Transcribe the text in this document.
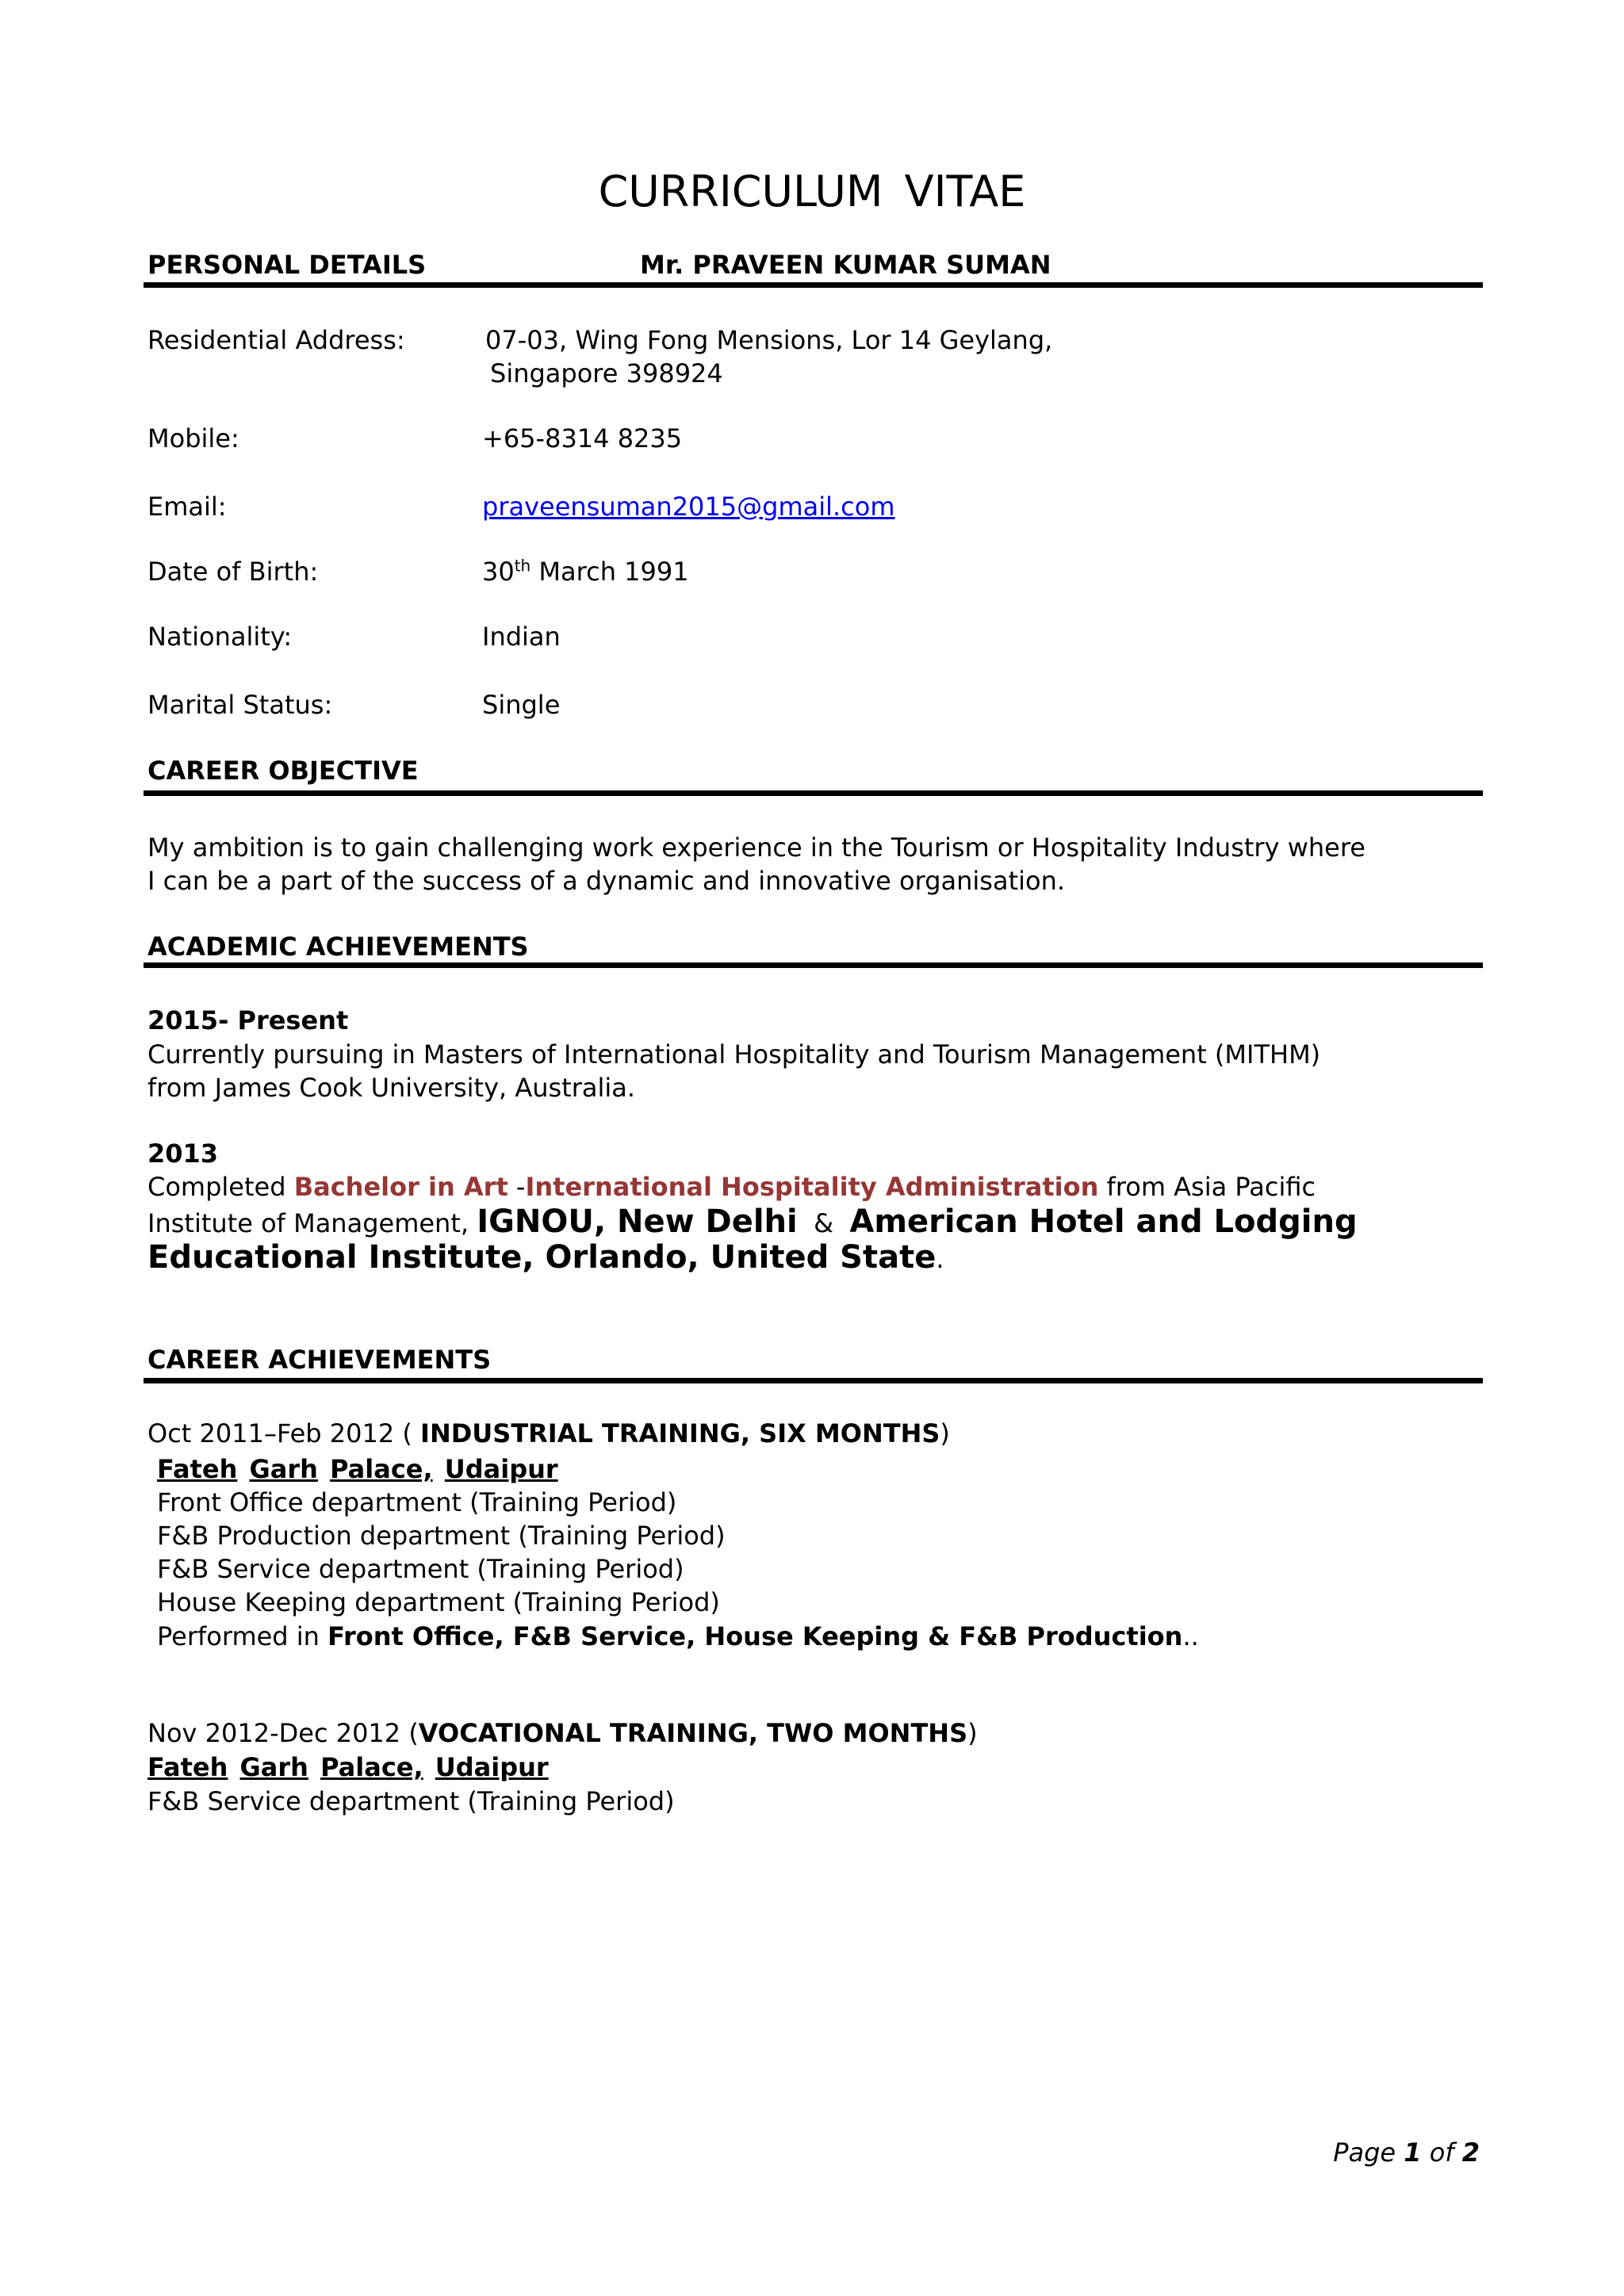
CURRICULUM VITAE
PERSONAL DETAILS	Mr. PRAVEEN KUMAR SUMAN
Residential Address:	07-03, Wing Fong Mensions, Lor 14 Geylang,
Singapore 398924
Mobile:	+65-8314 8235
Email:	praveensuman2015@gmail.com
Date of Birth:	30th March 1991
Nationality:	Indian
Marital Status:	Single
CAREER OBJECTIVE
My ambition is to gain challenging work experience in the Tourism or Hospitality Industry where
I can be a part of the success of a dynamic and innovative organisation.
ACADEMIC ACHIEVEMENTS
2015- Present
Currently pursuing in Masters of International Hospitality and Tourism Management (MITHM)
from James Cook University, Australia.
2013
Completed Bachelor in Art -International Hospitality Administration from Asia Pacific
Institute of Management, IGNOU, New Delhi  &  American Hotel and Lodging
Educational Institute, Orlando, United State.
CAREER ACHIEVEMENTS
Oct 2011–Feb 2012 ( INDUSTRIAL TRAINING, SIX MONTHS)
Fateh Garh Palace, Udaipur
Front Office department (Training Period)
F&B Production department (Training Period)
F&B Service department (Training Period)
House Keeping department (Training Period)
Performed in Front Office, F&B Service, House Keeping & F&B Production..
Nov 2012-Dec 2012 (VOCATIONAL TRAINING, TWO MONTHS)
Fateh Garh Palace, Udaipur
F&B Service department (Training Period)
Page 1 of 2
